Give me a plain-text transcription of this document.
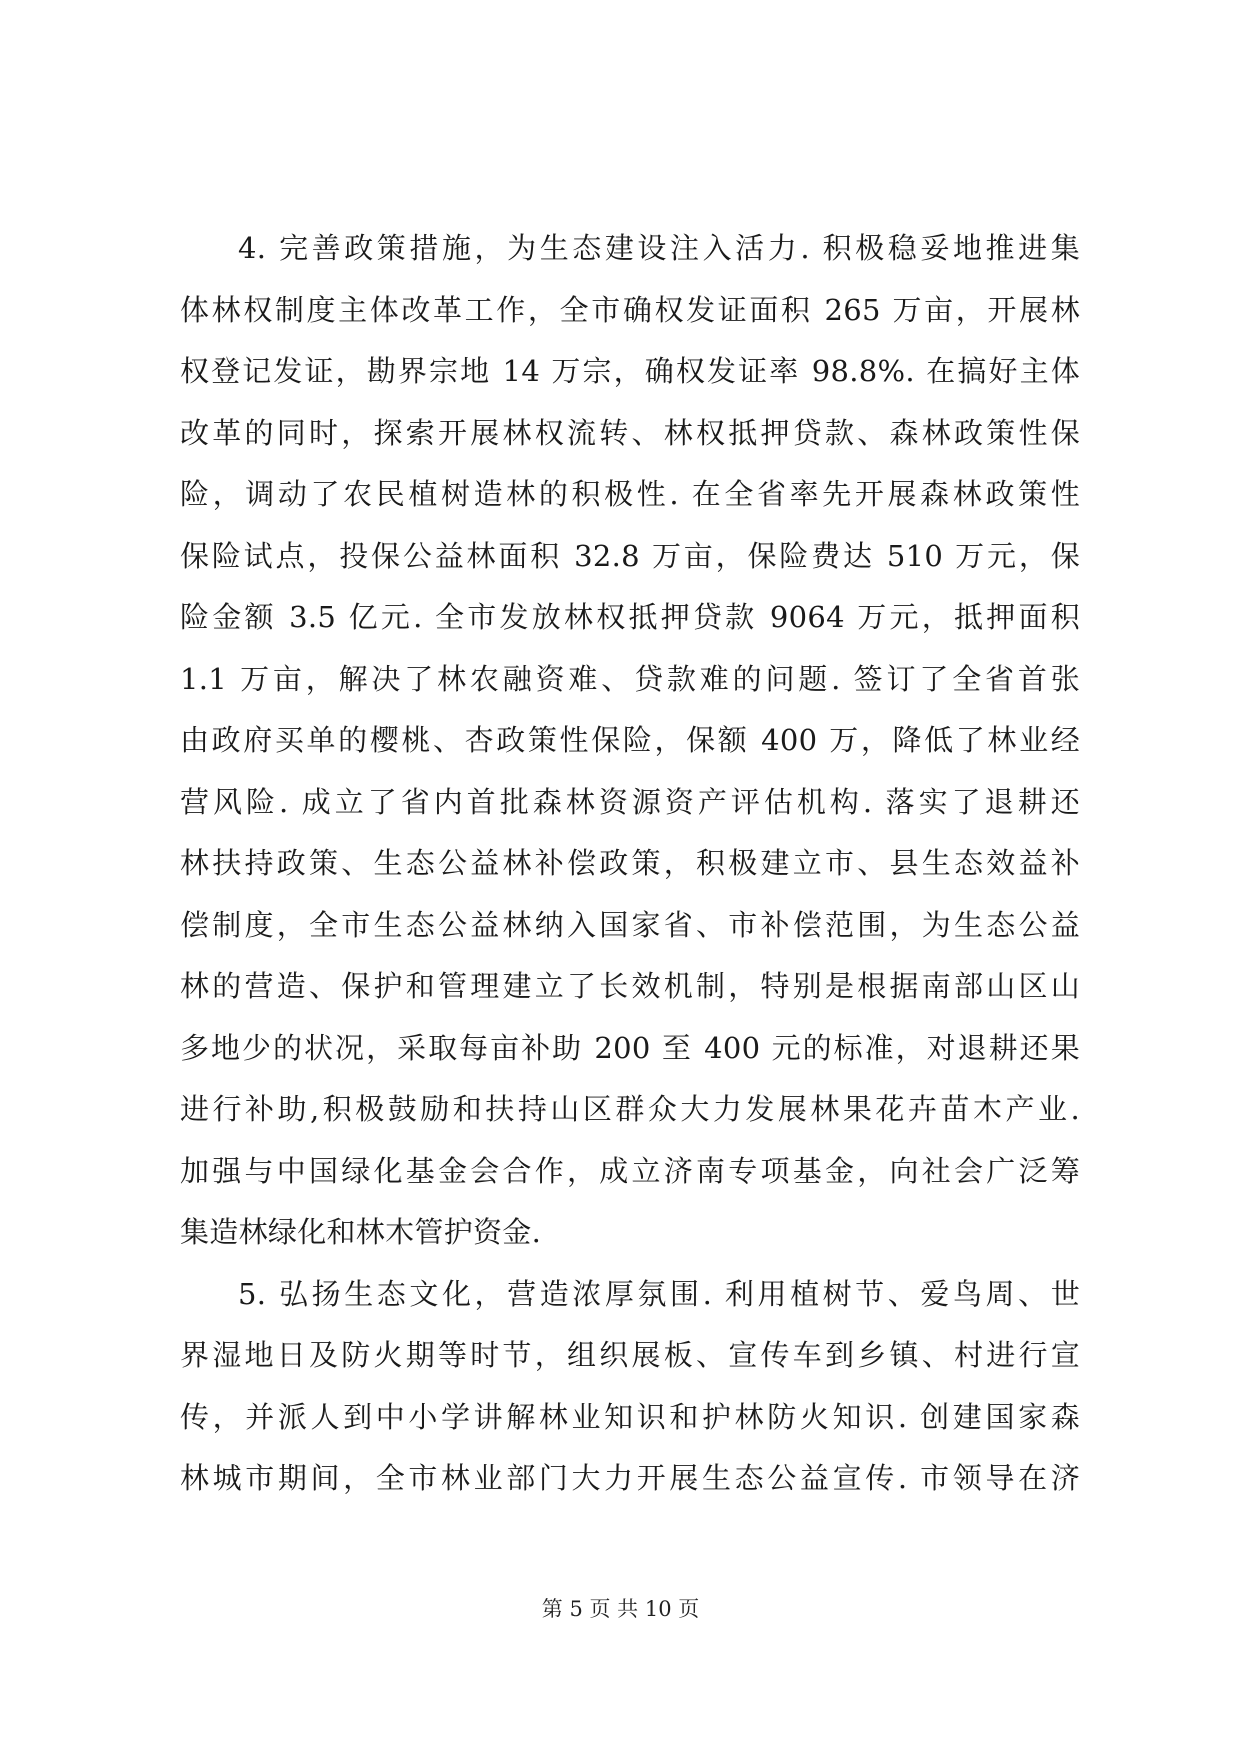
4. 完善政策措施，为生态建设注入活力. 积极稳妥地推进集
体林权制度主体改革工作，全市确权发证面积 265 万亩，开展林
权登记发证，勘界宗地 14 万宗，确权发证率 98.8%. 在搞好主体
改革的同时，探索开展林权流转、林权抵押贷款、森林政策性保
险，调动了农民植树造林的积极性. 在全省率先开展森林政策性
保险试点，投保公益林面积 32.8 万亩，保险费达 510 万元，保
险金额 3.5 亿元. 全市发放林权抵押贷款 9064 万元，抵押面积
1.1 万亩，解决了林农融资难、贷款难的问题. 签订了全省首张
由政府买单的樱桃、杏政策性保险，保额 400 万，降低了林业经
营风险. 成立了省内首批森林资源资产评估机构. 落实了退耕还
林扶持政策、生态公益林补偿政策，积极建立市、县生态效益补
偿制度，全市生态公益林纳入国家省、市补偿范围，为生态公益
林的营造、保护和管理建立了长效机制，特别是根据南部山区山
多地少的状况，采取每亩补助 200 至 400 元的标准，对退耕还果
进行补助,积极鼓励和扶持山区群众大力发展林果花卉苗木产业.
加强与中国绿化基金会合作，成立济南专项基金，向社会广泛筹
集造林绿化和林木管护资金.
5. 弘扬生态文化，营造浓厚氛围. 利用植树节、爱鸟周、世
界湿地日及防火期等时节，组织展板、宣传车到乡镇、村进行宣
传，并派人到中小学讲解林业知识和护林防火知识. 创建国家森
林城市期间，全市林业部门大力开展生态公益宣传. 市领导在济
第 5 页 共 10 页
